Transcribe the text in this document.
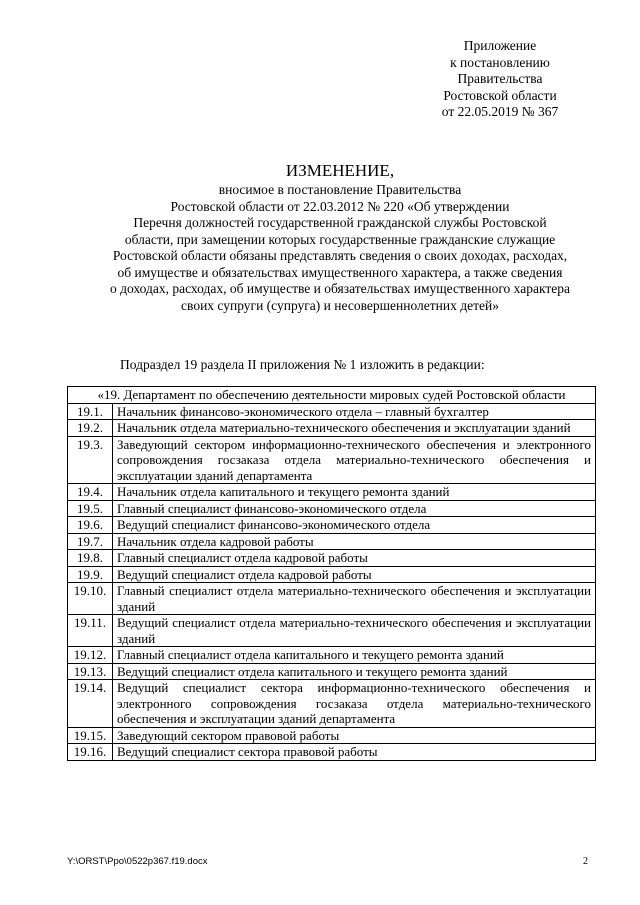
Приложение
к постановлению
Правительства
Ростовской области
от 22.05.2019 № 367
ИЗМЕНЕНИЕ,
вносимое в постановление Правительства
Ростовской области от 22.03.2012 № 220 «Об утверждении
Перечня должностей государственной гражданской службы Ростовской
области, при замещении которых государственные гражданские служащие
Ростовской области обязаны представлять сведения о своих доходах, расходах,
об имуществе и обязательствах имущественного характера, а также сведения
о доходах, расходах, об имуществе и обязательствах имущественного характера
своих супруги (супруга) и несовершеннолетних детей»
Подраздел 19 раздела II приложения № 1 изложить в редакции:
«19. Департамент по обеспечению деятельности мировых судей Ростовской области	
19.1.	Начальник финансово-экономического отдела – главный бухгалтер
19.2.	Начальник отдела материально-технического обеспечения и эксплуатации зданий
19.3.	Заведующий сектором информационно-технического обеспечения и электронного сопровождения госзаказа отдела материально-технического обеспечения и эксплуатации зданий департамента
19.4.	Начальник отдела капитального и текущего ремонта зданий
19.5.	Главный специалист финансово-экономического отдела
19.6.	Ведущий специалист финансово-экономического отдела
19.7.	Начальник отдела кадровой работы
19.8.	Главный специалист отдела кадровой работы
19.9.	Ведущий специалист отдела кадровой работы
19.10.	Главный специалист отдела материально-технического обеспечения и эксплуатации зданий
19.11.	Ведущий специалист отдела материально-технического обеспечения и эксплуатации зданий
19.12.	Главный специалист отдела капитального и текущего ремонта зданий
19.13.	Ведущий специалист отдела капитального и текущего ремонта зданий
19.14.	Ведущий специалист сектора информационно-технического обеспечения и электронного сопровождения госзаказа отдела материально-технического обеспечения и эксплуатации зданий департамента
19.15.	Заведующий сектором правовой работы
19.16.	Ведущий специалист сектора правовой работы
Y:\ORST\Ppo\0522p367.f19.docx	2
